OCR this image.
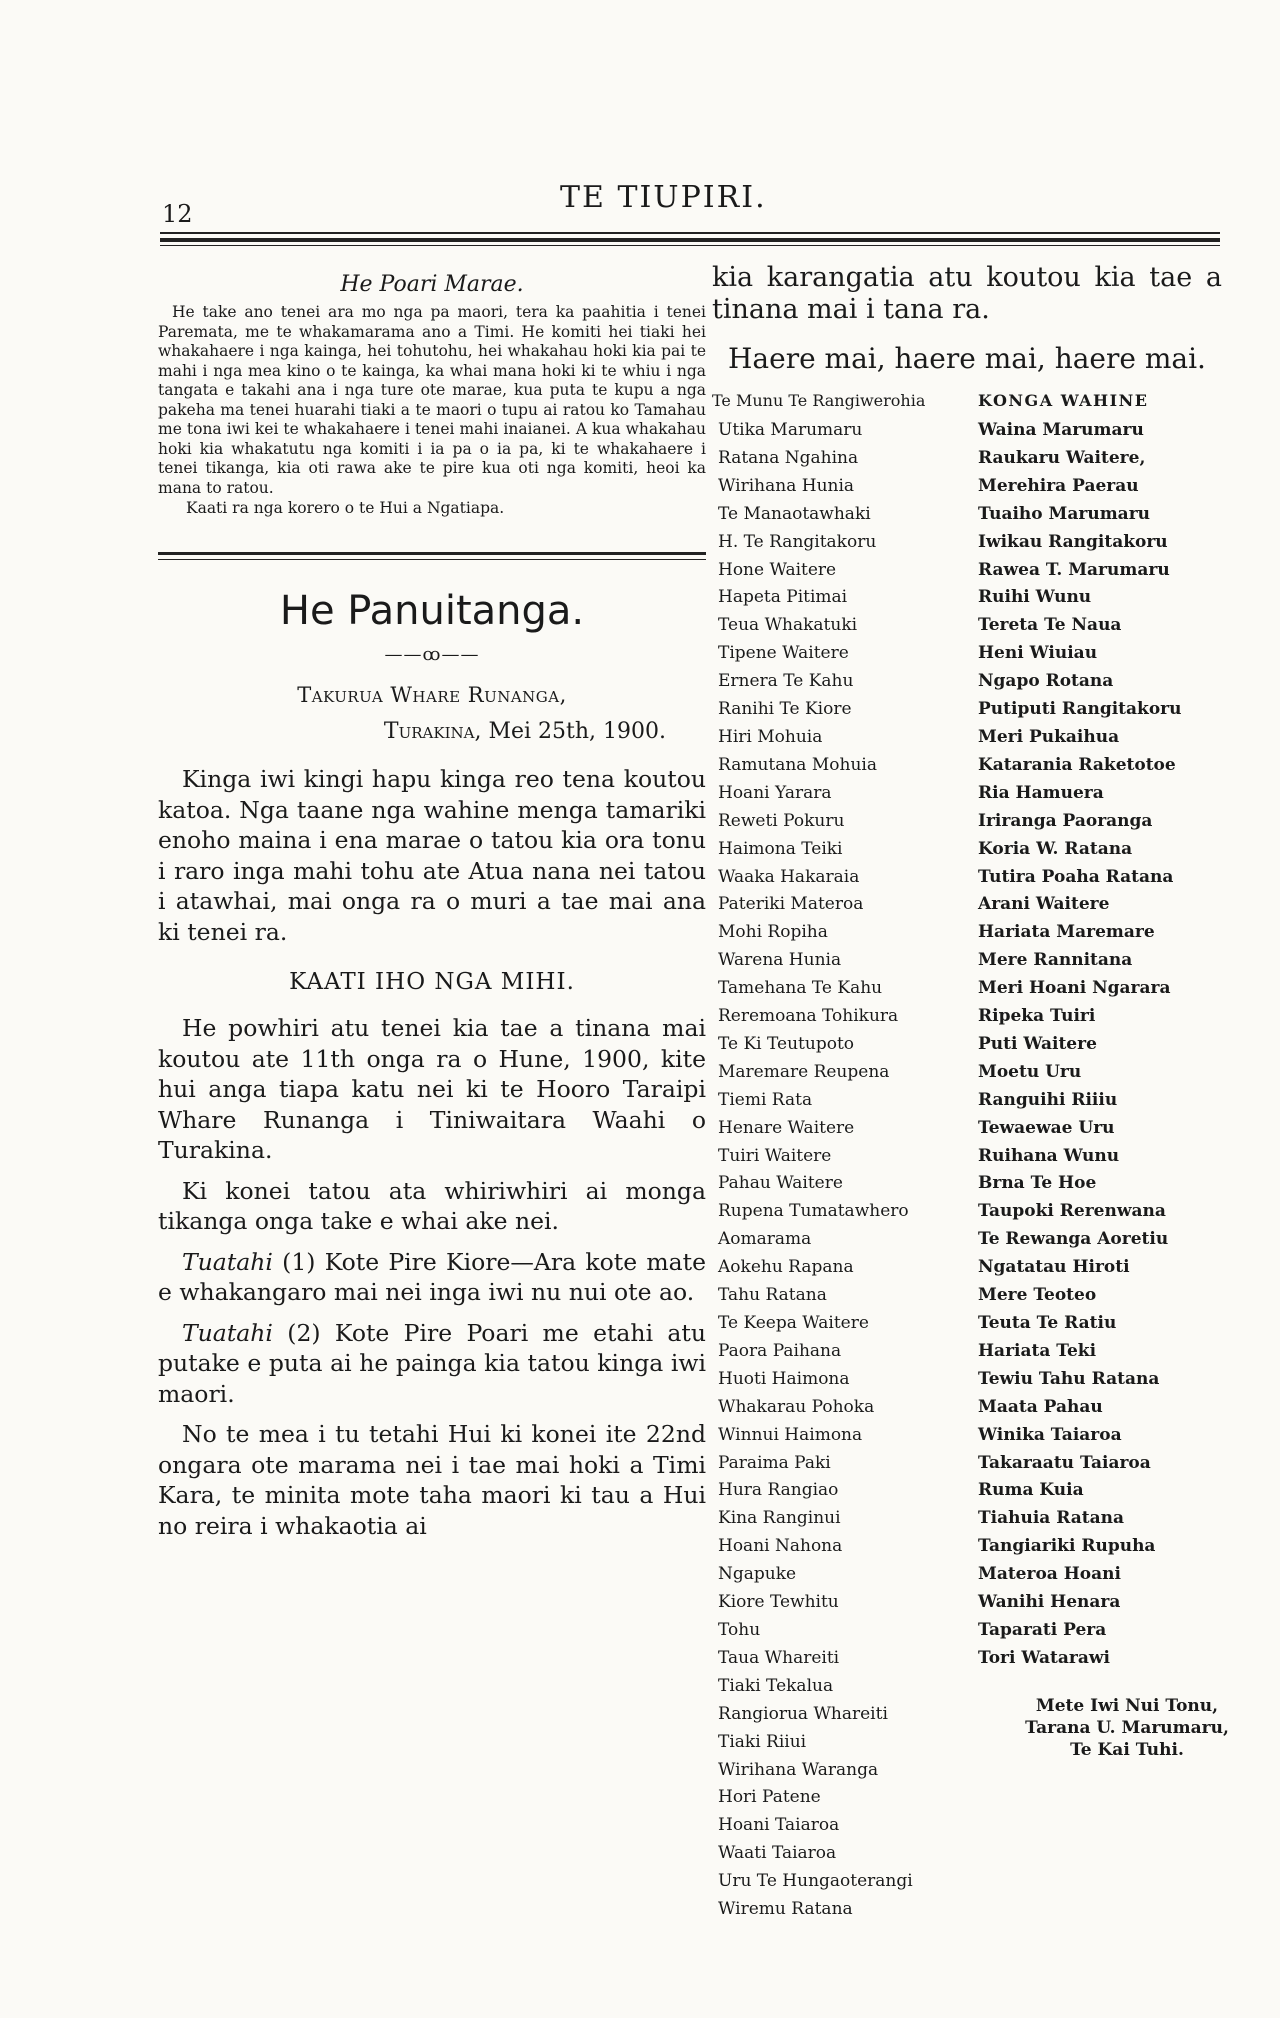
12	TE TIUPIRI.
He Poari Marae.

He take ano tenei ara mo nga pa maori, tera ka paahitia i tenei Paremata, me te whakamarama ano a Timi. He komiti hei tiaki hei whakahaere i nga kainga, hei tohutohu, hei whakahau hoki kia pai te mahi i nga mea kino o te kainga, ka whai mana hoki ki te whiu i nga tangata e takahi ana i nga ture ote marae, kua puta te kupu a nga pakeha ma tenei huarahi tiaki a te maori o tupu ai ratou ko Tamahau me tona iwi kei te whakahaere i tenei mahi inaianei. A kua whakahau hoki kia whakatutu nga komiti i ia pa o ia pa, ki te whakahaere i tenei tikanga, kia oti rawa ake te pire kua oti nga komiti, heoi ka mana to ratou.

Kaati ra nga korero o te Hui a Ngatiapa.

He Panuitanga.
——ꝏ——
Takurua Whare Runanga,
Turakina, Mei 25th, 1900.

Kinga iwi kingi hapu kinga reo tena koutou katoa. Nga taane nga wahine menga tamariki enoho maina i ena marae o tatou kia ora tonu i raro inga mahi tohu ate Atua nana nei tatou i atawhai, mai onga ra o muri a tae mai ana ki tenei ra.

KAATI IHO NGA MIHI.

He powhiri atu tenei kia tae a tinana mai koutou ate 11th onga ra o Hune, 1900, kite hui anga tiapa katu nei ki te Hooro Taraipi Whare Runanga i Tiniwaitara Waahi o Turakina.

Ki konei tatou ata whiriwhiri ai monga tikanga onga take e whai ake nei.

Tuatahi (1) Kote Pire Kiore—Ara kote mate e whakangaro mai nei inga iwi nu nui ote ao.

Tuatahi (2) Kote Pire Poari me etahi atu putake e puta ai he painga kia tatou kinga iwi maori.

No te mea i tu tetahi Hui ki konei ite 22nd ongara ote marama nei i tae mai hoki a Timi Kara, te minita mote taha maori ki tau a Hui no reira i whakaotia ai

kia karangatia atu koutou kia tae a tinana mai i tana ra.

Haere mai, haere mai, haere mai.
Te Munu Te Rangiwerohia	KONGA WAHINE
Utika Marumaru
Ratana Ngahina
Wirihana Hunia
Te Manaotawhaki
H. Te Rangitakoru
Hone Waitere
Hapeta Pitimai
Teua Whakatuki
Tipene Waitere
Ernera Te Kahu
Ranihi Te Kiore
Hiri Mohuia
Ramutana Mohuia
Hoani Yarara
Reweti Pokuru
Haimona Teiki
Waaka Hakaraia
Pateriki Materoa
Mohi Ropiha
Warena Hunia
Tamehana Te Kahu
Reremoana Tohikura
Te Ki Teutupoto
Maremare Reupena
Tiemi Rata
Henare Waitere
Tuiri Waitere
Pahau Waitere
Rupena Tumatawhero
Aomarama
Aokehu Rapana
Tahu Ratana
Te Keepa Waitere
Paora Paihana
Huoti Haimona
Whakarau Pohoka
Winnui Haimona
Paraima Paki
Hura Rangiao
Kina Ranginui
Hoani Nahona
Ngapuke
Kiore Tewhitu
Tohu
Taua Whareiti
Tiaki Tekalua
Rangiorua Whareiti
Tiaki Riiui
Wirihana Waranga
Hori Patene
Hoani Taiaroa
Waati Taiaroa
Uru Te Hungaoterangi
Wiremu Ratana
Waina Marumaru
Raukaru Waitere,
Merehira Paerau
Tuaiho Marumaru
Iwikau Rangitakoru
Rawea T. Marumaru
Ruihi Wunu
Tereta Te Naua
Heni Wiuiau
Ngapo Rotana
Putiputi Rangitakoru
Meri Pukaihua
Katarania Raketotoe
Ria Hamuera
Iriranga Paoranga
Koria W. Ratana
Tutira Poaha Ratana
Arani Waitere
Hariata Maremare
Mere Rannitana
Meri Hoani Ngarara
Ripeka Tuiri
Puti Waitere
Moetu Uru
Ranguihi Riiiu
Tewaewae Uru
Ruihana Wunu
Brna Te Hoe
Taupoki Rerenwana
Te Rewanga Aoretiu
Ngatatau Hiroti
Mere Teoteo
Teuta Te Ratiu
Hariata Teki
Tewiu Tahu Ratana
Maata Pahau
Winika Taiaroa
Takaraatu Taiaroa
Ruma Kuia
Tiahuia Ratana
Tangiariki Rupuha
Materoa Hoani
Wanihi Henara
Taparati Pera
Tori Watarawi
Mete Iwi Nui Tonu,
Tarana U. Marumaru,
Te Kai Tuhi.
